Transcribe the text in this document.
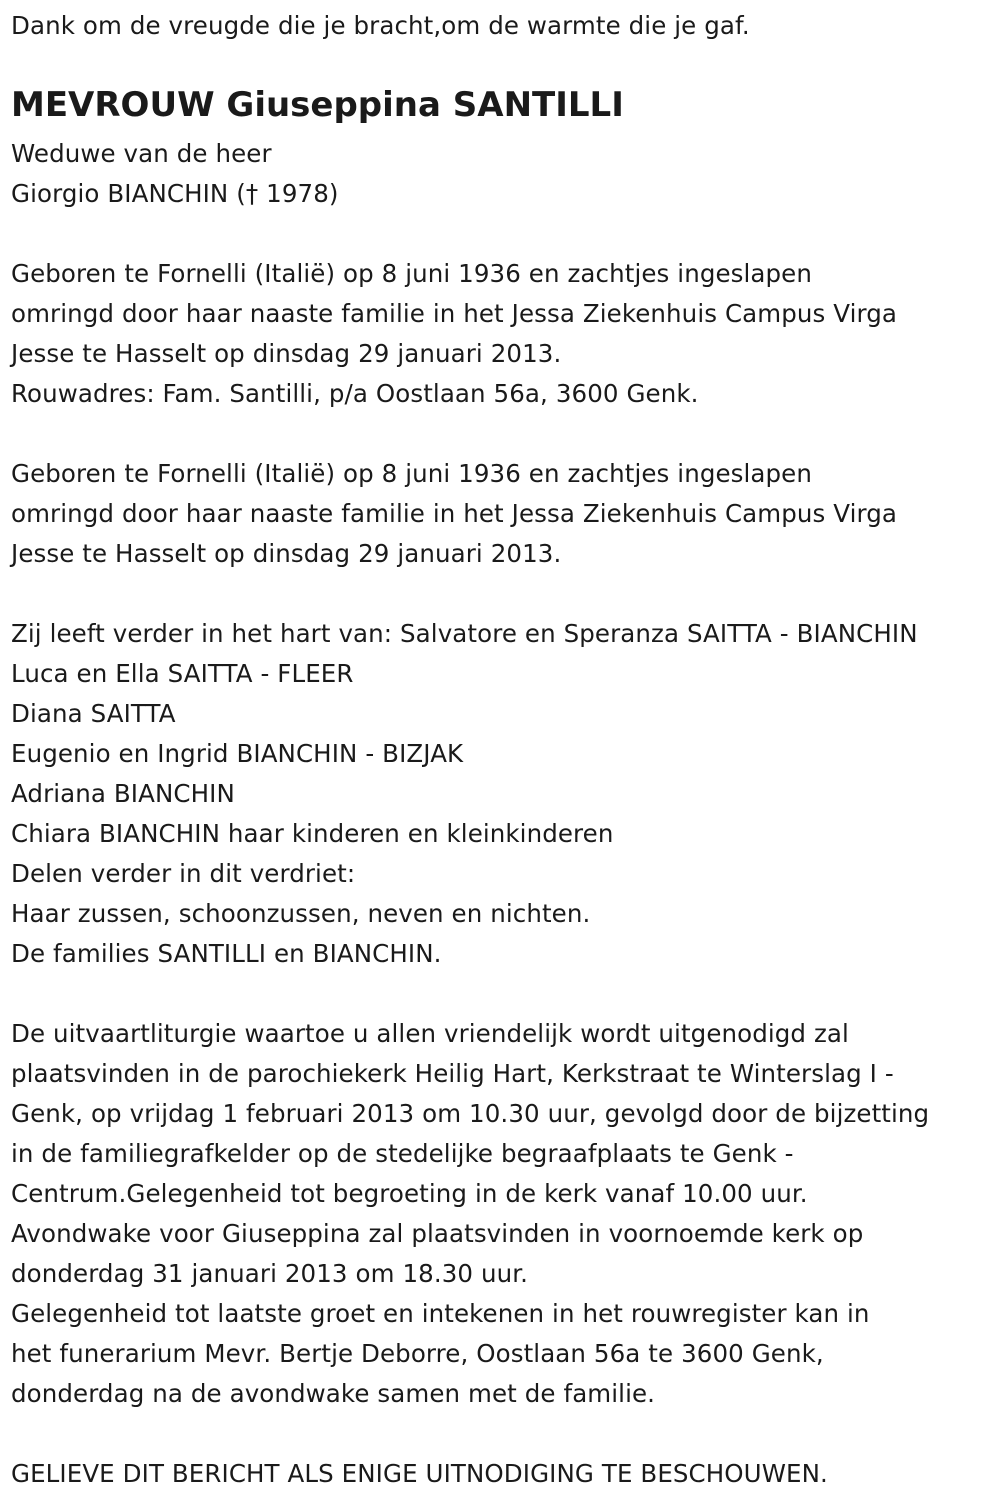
Dank om de vreugde die je bracht,om de warmte die je gaf.

MEVROUW Giuseppina SANTILLI

Weduwe van de heer

Giorgio BIANCHIN († 1978)

Geboren te Fornelli (Italië) op 8 juni 1936 en zachtjes ingeslapen

omringd door haar naaste familie in het Jessa Ziekenhuis Campus Virga

Jesse te Hasselt op dinsdag 29 januari 2013.

Rouwadres: Fam. Santilli, p/a Oostlaan 56a, 3600 Genk.

Geboren te Fornelli (Italië) op 8 juni 1936 en zachtjes ingeslapen

omringd door haar naaste familie in het Jessa Ziekenhuis Campus Virga

Jesse te Hasselt op dinsdag 29 januari 2013.

Zij leeft verder in het hart van: Salvatore en Speranza SAITTA - BIANCHIN

Luca en Ella SAITTA - FLEER

Diana SAITTA

Eugenio en Ingrid BIANCHIN - BIZJAK

Adriana BIANCHIN

Chiara BIANCHIN haar kinderen en kleinkinderen

Delen verder in dit verdriet:

Haar zussen, schoonzussen, neven en nichten.

De families SANTILLI en BIANCHIN.

De uitvaartliturgie waartoe u allen vriendelijk wordt uitgenodigd zal

plaatsvinden in de parochiekerk Heilig Hart, Kerkstraat te Winterslag I -

Genk, op vrijdag 1 februari 2013 om 10.30 uur, gevolgd door de bijzetting

in de familiegrafkelder op de stedelijke begraafplaats te Genk -

Centrum.Gelegenheid tot begroeting in de kerk vanaf 10.00 uur.

Avondwake voor Giuseppina zal plaatsvinden in voornoemde kerk op

donderdag 31 januari 2013 om 18.30 uur.

Gelegenheid tot laatste groet en intekenen in het rouwregister kan in

het funerarium Mevr. Bertje Deborre, Oostlaan 56a te 3600 Genk,

donderdag na de avondwake samen met de familie.

GELIEVE DIT BERICHT ALS ENIGE UITNODIGING TE BESCHOUWEN.
